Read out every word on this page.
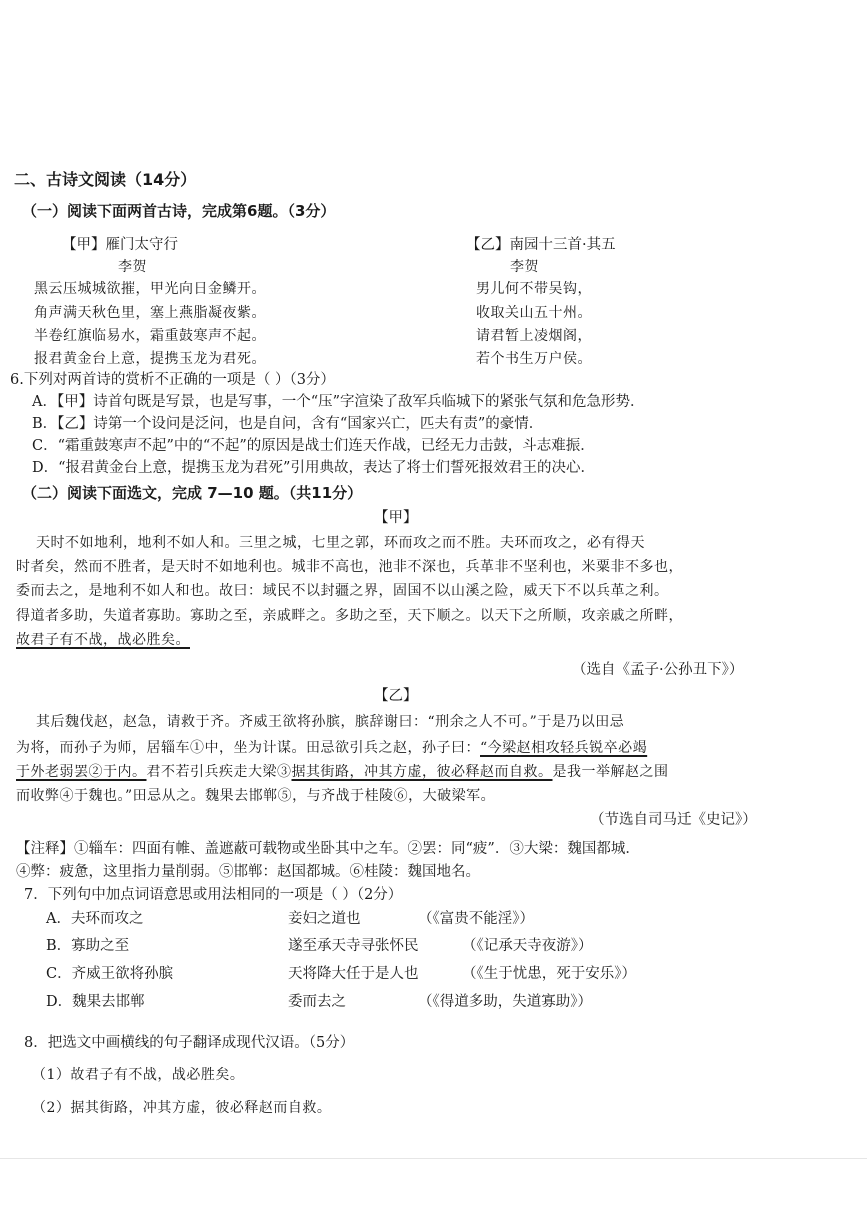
二、古诗文阅读（14分）
（一）阅读下面两首古诗，完成第6题。（3分）
【甲】雁门太守行
李贺
黑云压城城欲摧，甲光向日金鳞开。
角声满天秋色里，塞上燕脂凝夜紫。
半卷红旗临易水，霜重鼓寒声不起。
报君黄金台上意，提携玉龙为君死。
【乙】南园十三首·其五
李贺
男儿何不带吴钩，
收取关山五十州。
请君暂上凌烟阁，
若个书生万户侯。
6.下列对两首诗的赏析不正确的一项是（ ）（3分）
A．【甲】诗首句既是写景，也是写事，一个“压”字渲染了敌军兵临城下的紧张气氛和危急形势．
B．【乙】诗第一个设问是泛问，也是自问，含有“国家兴亡，匹夫有责”的豪情．
C．“霜重鼓寒声不起”中的“不起”的原因是战士们连天作战，已经无力击鼓，斗志难振．
D．“报君黄金台上意，提携玉龙为君死”引用典故，表达了将士们誓死报效君王的决心．
（二）阅读下面选文，完成 7—10 题。（共11分）
【甲】
天时不如地利，地利不如人和。三里之城，七里之郭，环而攻之而不胜。夫环而攻之，必有得天
时者矣，然而不胜者，是天时不如地利也。城非不高也，池非不深也，兵革非不坚利也，米粟非不多也，
委而去之，是地利不如人和也。故曰：域民不以封疆之界，固国不以山溪之险，威天下不以兵革之利。
得道者多助，失道者寡助。寡助之至，亲戚畔之。多助之至，天下顺之。以天下之所顺，攻亲戚之所畔，
故君子有不战，战必胜矣。
（选自《孟子·公孙丑下》）
【乙】
其后魏伐赵，赵急，请救于齐。齐威王欲将孙膑，膑辞谢曰：“刑余之人不可。”于是乃以田忌
为将，而孙子为师，居辎车①中，坐为计谋。田忌欲引兵之赵，孙子曰：“今梁赵相攻轻兵锐卒必竭
于外老弱罢②于内。君不若引兵疾走大梁③据其街路，冲其方虚，彼必释赵而自救。是我一举解赵之围
而收弊④于魏也。”田忌从之。魏果去邯郸⑤，与齐战于桂陵⑥，大破梁军。
（节选自司马迁《史记》）
【注释】①辎车：四面有帷、盖遮蔽可载物或坐卧其中之车。②罢：同“疲”．③大梁：魏国都城．
④弊：疲惫，这里指力量削弱。⑤邯郸：赵国都城。⑥桂陵：魏国地名。
7．下列句中加点词语意思或用法相同的一项是（ ）（2分）
A．夫环而攻之	妾妇之道也	（《富贵不能淫》）
B．寡助之至	遂至承天寺寻张怀民	（《记承天寺夜游》）
C．齐威王欲将孙膑	天将降大任于是人也	（《生于忧患，死于安乐》）
D．魏果去邯郸	委而去之	（《得道多助，失道寡助》）
8．把选文中画横线的句子翻译成现代汉语。（5分）
（1）故君子有不战，战必胜矣。
（2）据其街路，冲其方虚，彼必释赵而自救。
